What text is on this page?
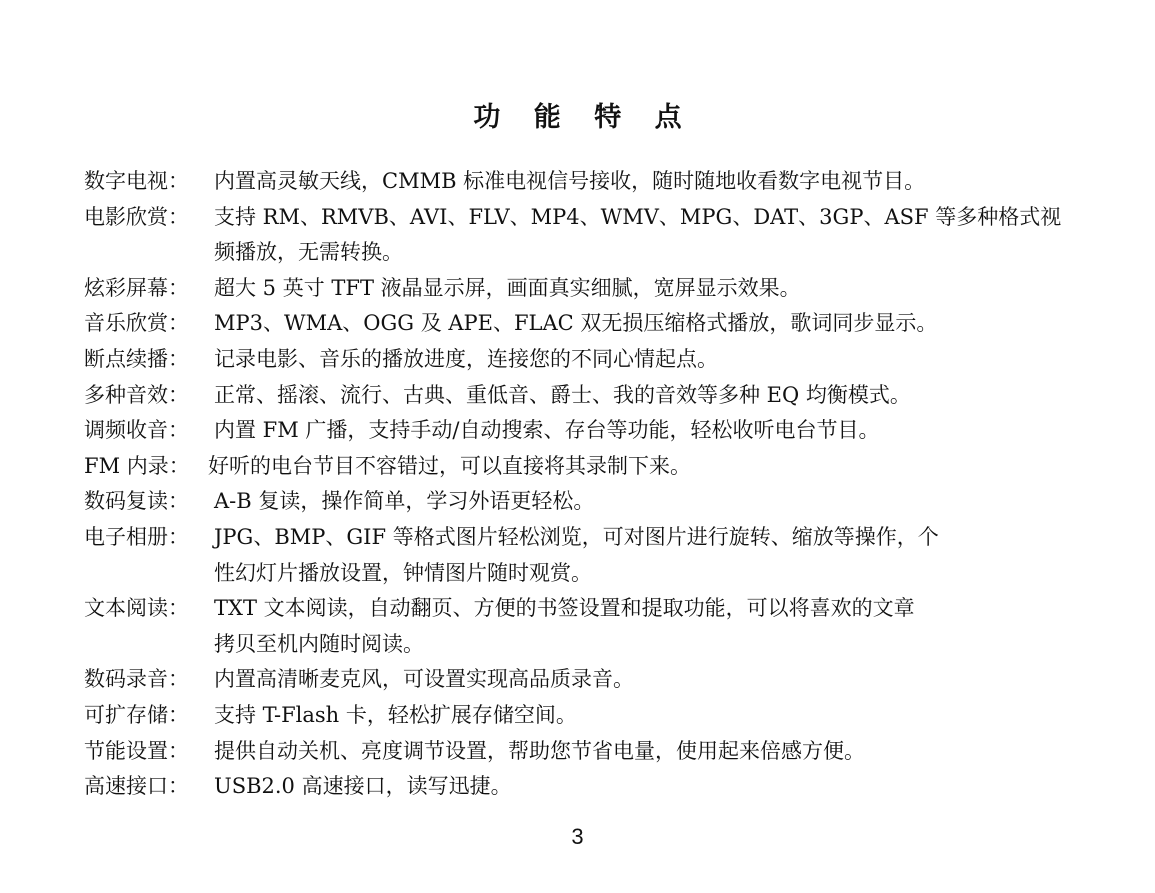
功 能 特 点
数字电视：	内置高灵敏天线，CMMB 标准电视信号接收，随时随地收看数字电视节目。
电影欣赏：	支持 RM、RMVB、AVI、FLV、MP4、WMV、MPG、DAT、3GP、ASF 等多种格式视
频播放，无需转换。
炫彩屏幕：	超大 5 英寸 TFT 液晶显示屏，画面真实细腻，宽屏显示效果。
音乐欣赏：	MP3、WMA、OGG 及 APE、FLAC 双无损压缩格式播放，歌词同步显示。
断点续播：	记录电影、音乐的播放进度，连接您的不同心情起点。
多种音效：	正常、摇滚、流行、古典、重低音、爵士、我的音效等多种 EQ 均衡模式。
调频收音：	内置 FM 广播，支持手动/自动搜索、存台等功能，轻松收听电台节目。
FM 内录： 好听的电台节目不容错过，可以直接将其录制下来。
数码复读：	A-B 复读，操作简单，学习外语更轻松。
电子相册：	JPG、BMP、GIF 等格式图片轻松浏览，可对图片进行旋转、缩放等操作，个
性幻灯片播放设置，钟情图片随时观赏。
文本阅读：	TXT 文本阅读，自动翻页、方便的书签设置和提取功能，可以将喜欢的文章
拷贝至机内随时阅读。
数码录音：	内置高清晰麦克风，可设置实现高品质录音。
可扩存储：	支持 T-Flash 卡，轻松扩展存储空间。
节能设置：	提供自动关机、亮度调节设置，帮助您节省电量，使用起来倍感方便。
高速接口：	USB2.0 高速接口，读写迅捷。
3
